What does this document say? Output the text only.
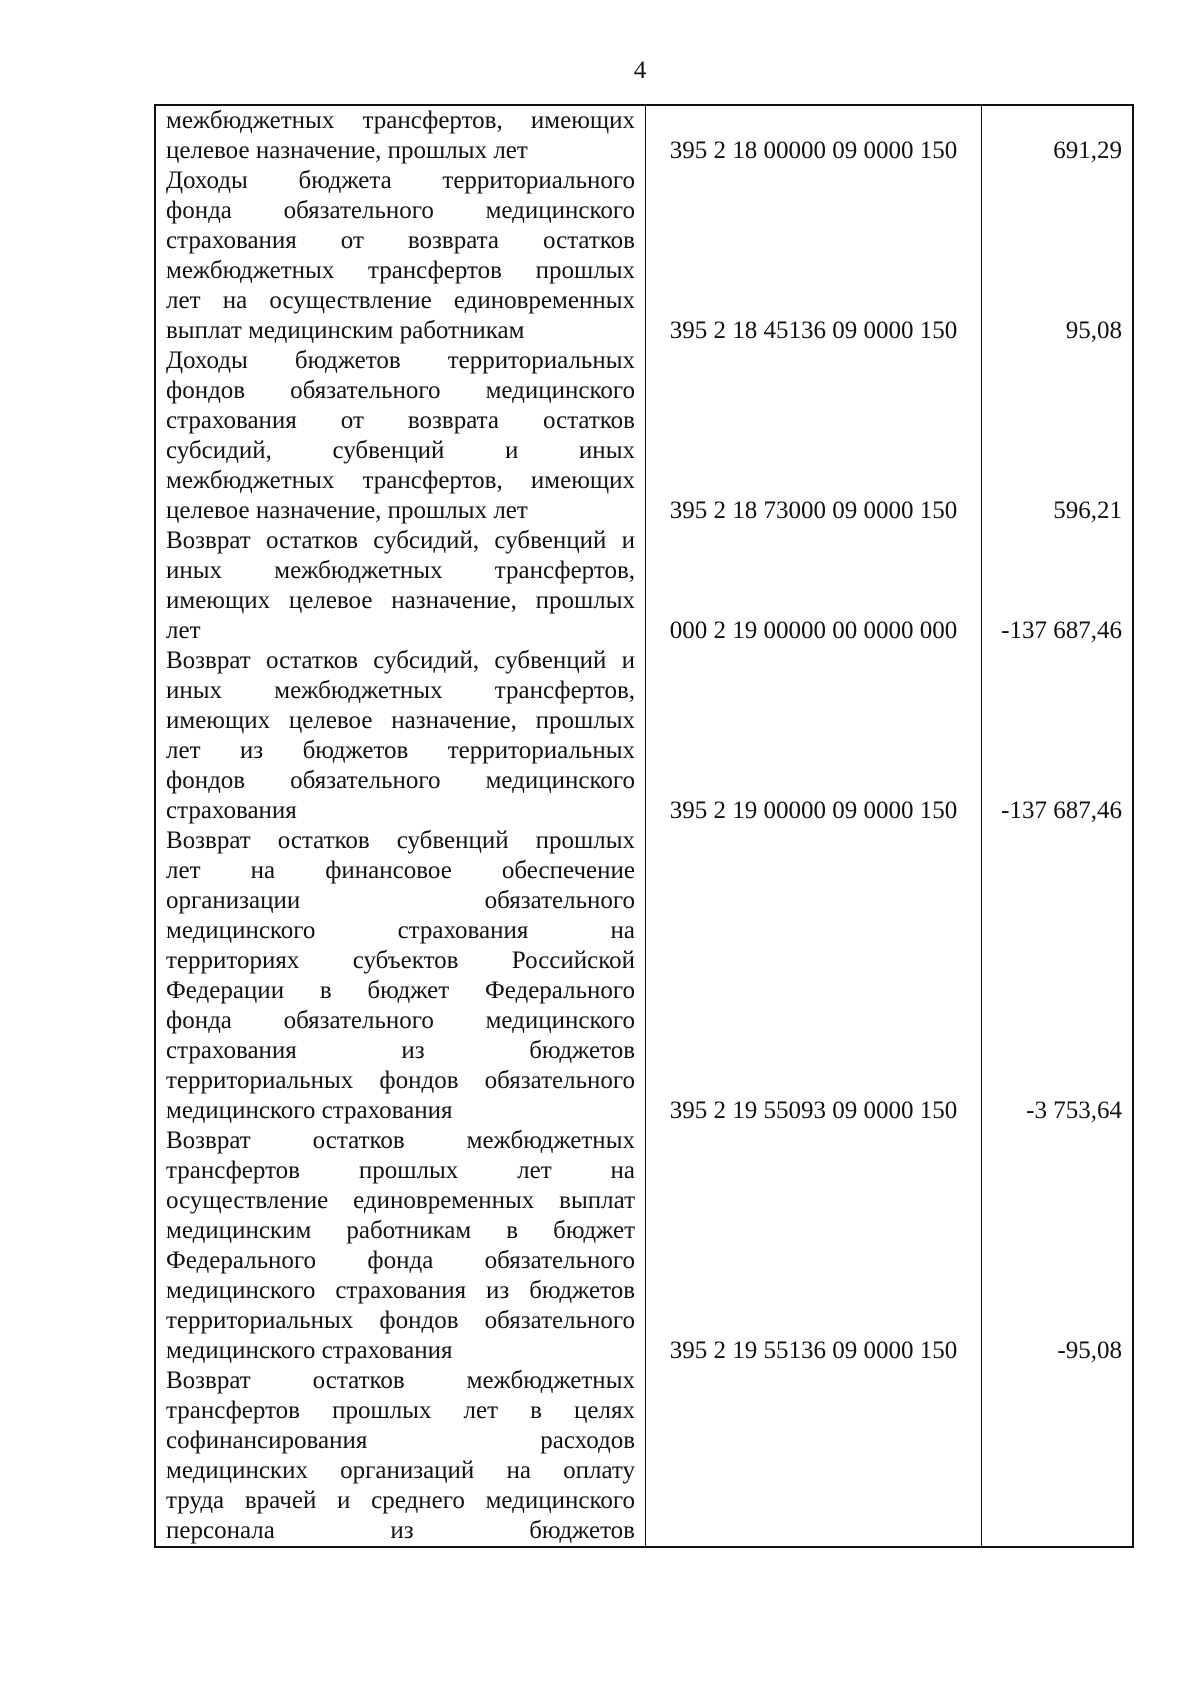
4
межбюджетных трансфертов, имеющих
целевое назначение, прошлых лет	395 2 18 00000 09 0000 150	691,29
Доходы бюджета территориального
фонда обязательного медицинского
страхования от возврата остатков
межбюджетных трансфертов прошлых
лет на осуществление единовременных
выплат медицинским работникам	395 2 18 45136 09 0000 150	95,08
Доходы бюджетов территориальных
фондов обязательного медицинского
страхования от возврата остатков
субсидий, субвенций и иных
межбюджетных трансфертов, имеющих
целевое назначение, прошлых лет	395 2 18 73000 09 0000 150	596,21
Возврат остатков субсидий, субвенций и
иных межбюджетных трансфертов,
имеющих целевое назначение, прошлых
лет	000 2 19 00000 00 0000 000	-137 687,46
Возврат остатков субсидий, субвенций и
иных межбюджетных трансфертов,
имеющих целевое назначение, прошлых
лет из бюджетов территориальных
фондов обязательного медицинского
страхования	395 2 19 00000 09 0000 150	-137 687,46
Возврат остатков субвенций прошлых
лет на финансовое обеспечение
организации обязательного
медицинского страхования на
территориях субъектов Российской
Федерации в бюджет Федерального
фонда обязательного медицинского
страхования из бюджетов
территориальных фондов обязательного
медицинского страхования	395 2 19 55093 09 0000 150	-3 753,64
Возврат остатков межбюджетных
трансфертов прошлых лет на
осуществление единовременных выплат
медицинским работникам в бюджет
Федерального фонда обязательного
медицинского страхования из бюджетов
территориальных фондов обязательного
медицинского страхования	395 2 19 55136 09 0000 150	-95,08
Возврат остатков межбюджетных
трансфертов прошлых лет в целях
софинансирования расходов
медицинских организаций на оплату
труда врачей и среднего медицинского
персонала из бюджетов
